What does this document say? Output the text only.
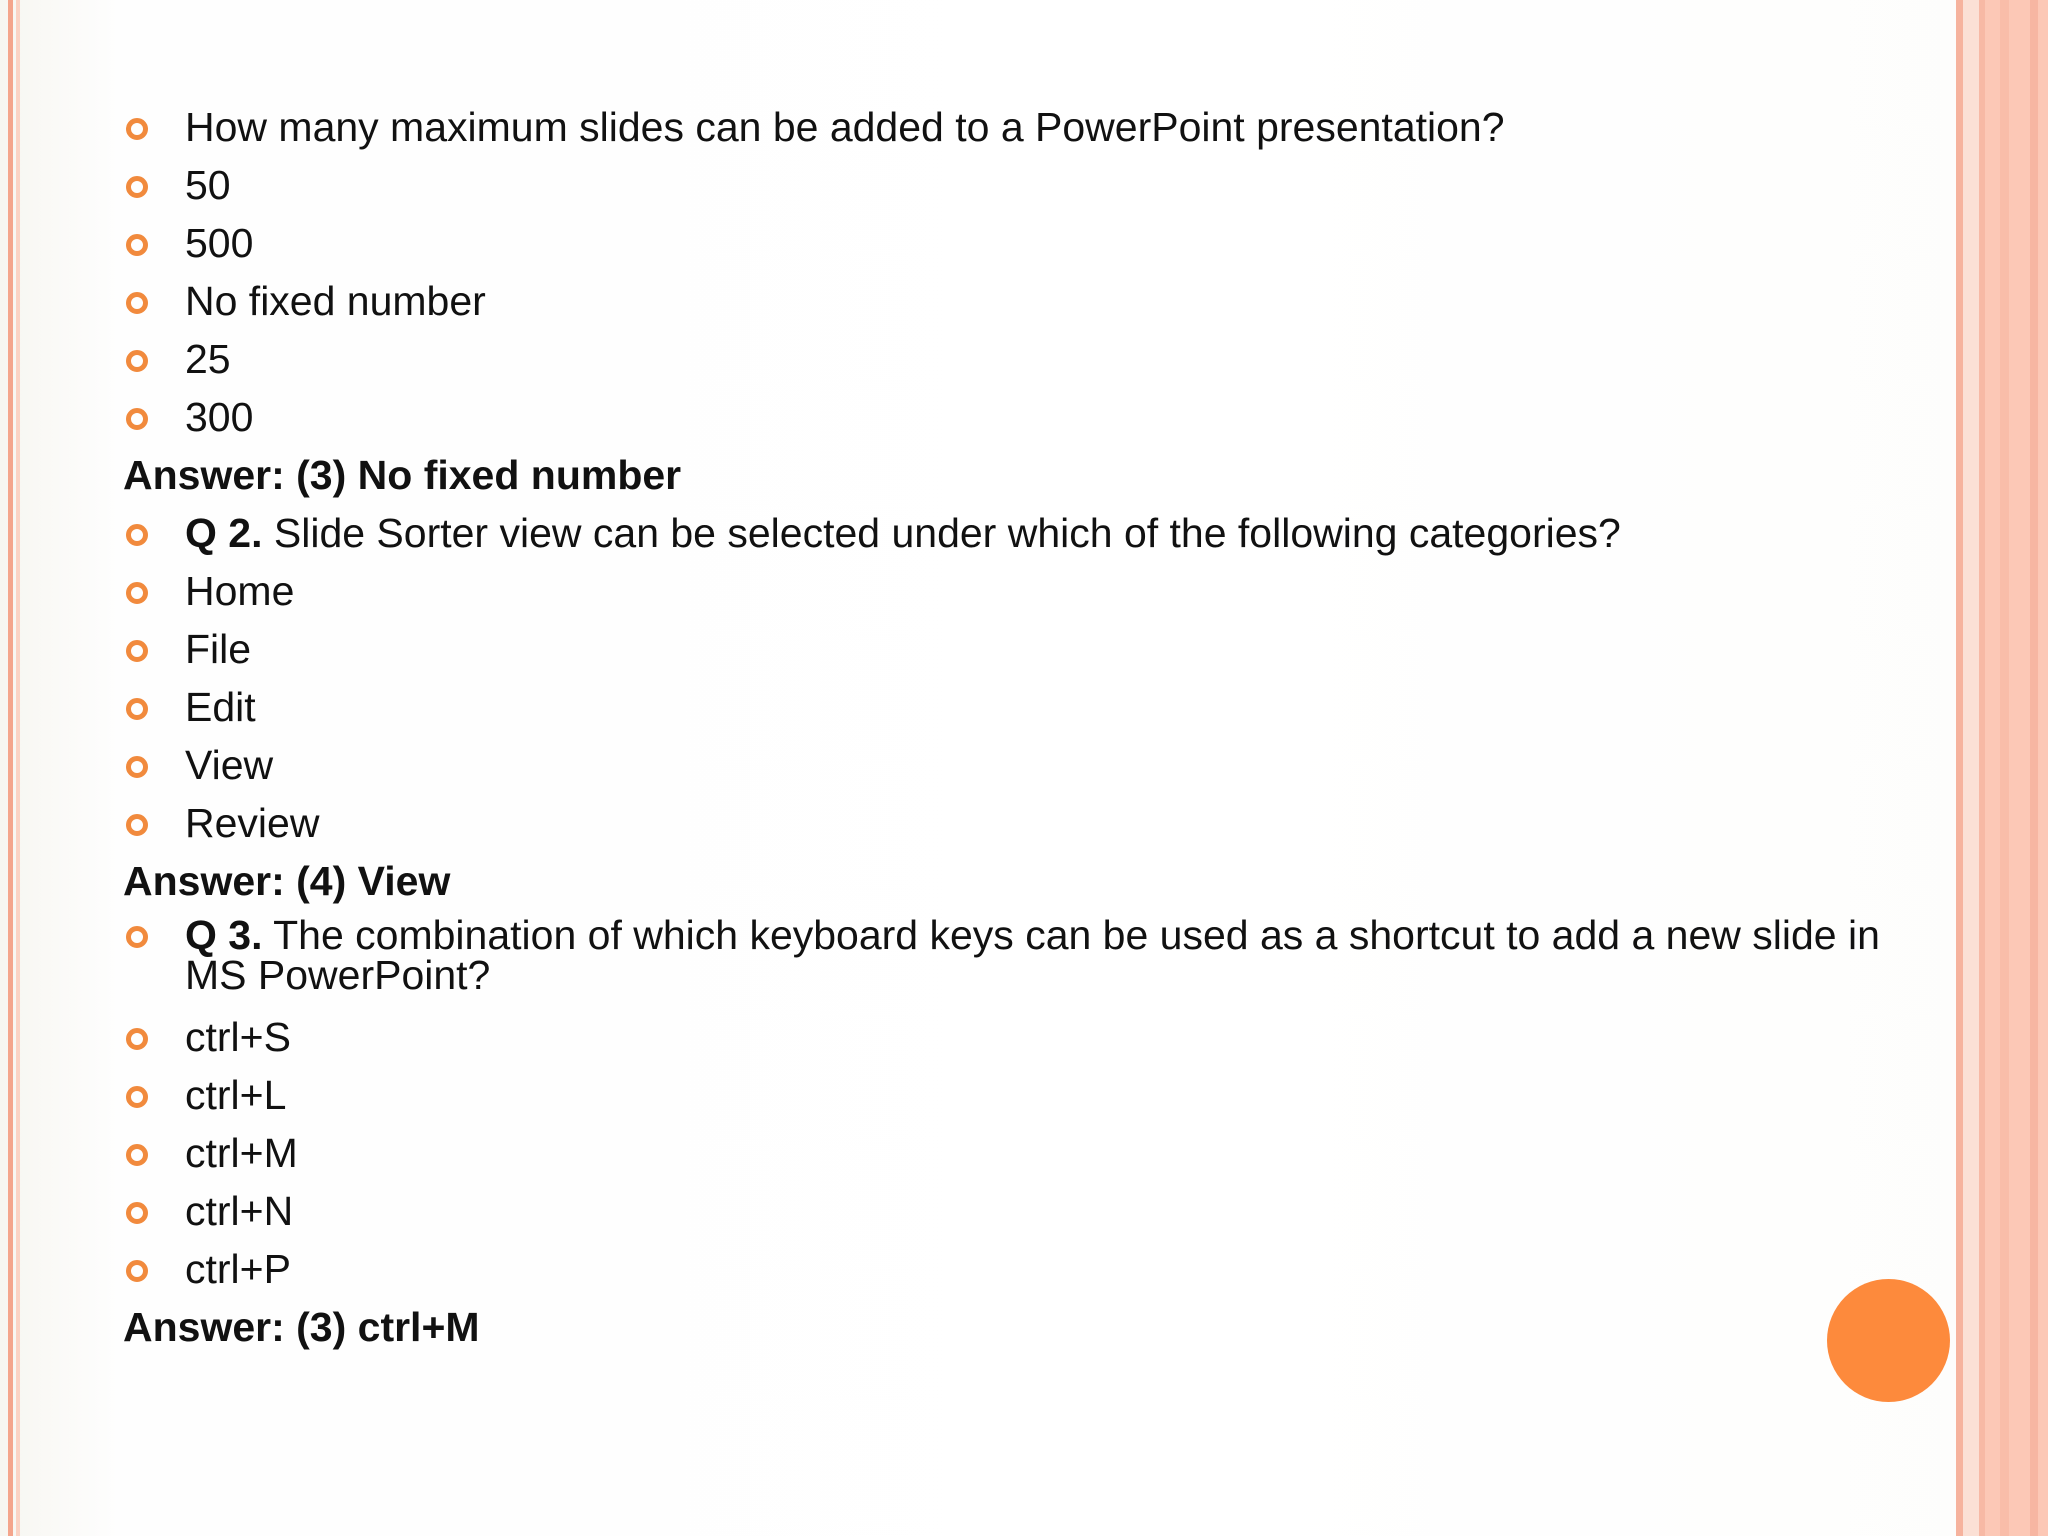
How many maximum slides can be added to a PowerPoint presentation?
50
500
No fixed number
25
300
Answer: (3) No fixed number
Q 2. Slide Sorter view can be selected under which of the following categories?
Home
File
Edit
View
Review
Answer: (4) View
Q 3. The combination of which keyboard keys can be used as a shortcut to add a new slide in MS PowerPoint?
ctrl+S
ctrl+L
ctrl+M
ctrl+N
ctrl+P
Answer: (3) ctrl+M
